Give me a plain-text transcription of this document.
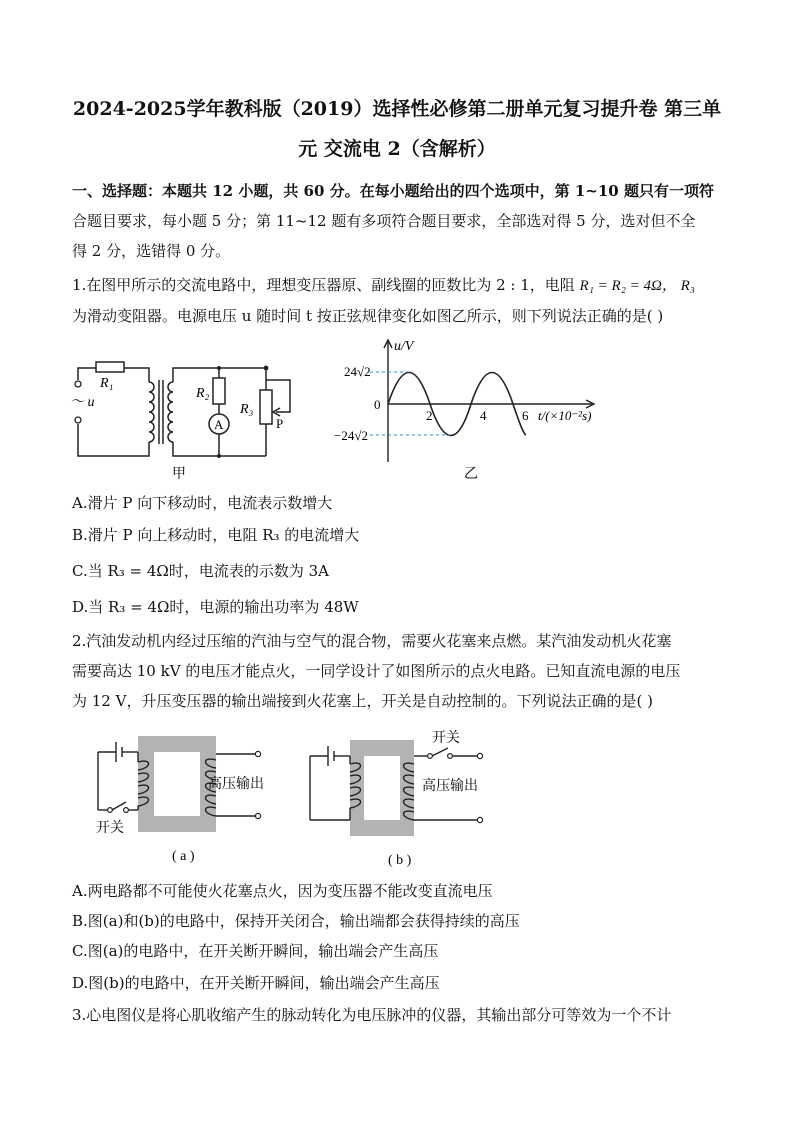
2024-2025学年教科版（2019）选择性必修第二册单元复习提升卷 第三单
元 交流电 2（含解析）
一、选择题：本题共 12 小题，共 60 分。在每小题给出的四个选项中，第 1~10 题只有一项符
合题目要求，每小题 5 分；第 11~12 题有多项符合题目要求，全部选对得 5 分，选对但不全
得 2 分，选错得 0 分。
1.在图甲所示的交流电路中，理想变压器原、副线圈的匝数比为 2 : 1，电阻 R₁ = R₂ = 4Ω， R₃
为滑动变阻器。电源电压 u 随时间 t 按正弦规律变化如图乙所示，则下列说法正确的是( )
R₁
R₂
R₃
A	P
～ u
甲
u/V
24√2
0
−24√2
2	4	6 t/(×10⁻²s)
乙
A.滑片 P 向下移动时，电流表示数增大
B.滑片 P 向上移动时，电阻 R₃ 的电流增大
C.当 R₃ = 4Ω时，电流表的示数为 3A
D.当 R₃ = 4Ω时，电源的输出功率为 48W
2.汽油发动机内经过压缩的汽油与空气的混合物，需要火花塞来点燃。某汽油发动机火花塞
需要高达 10 kV 的电压才能点火，一同学设计了如图所示的点火电路。已知直流电源的电压
为 12 V，升压变压器的输出端接到火花塞上，开关是自动控制的。下列说法正确的是( )
高压输出
开关
( a )
开关
高压输出
( b )
A.两电路都不可能使火花塞点火，因为变压器不能改变直流电压
B.图(a)和(b)的电路中，保持开关闭合，输出端都会获得持续的高压
C.图(a)的电路中，在开关断开瞬间，输出端会产生高压
D.图(b)的电路中，在开关断开瞬间，输出端会产生高压
3.心电图仪是将心肌收缩产生的脉动转化为电压脉冲的仪器，其输出部分可等效为一个不计
